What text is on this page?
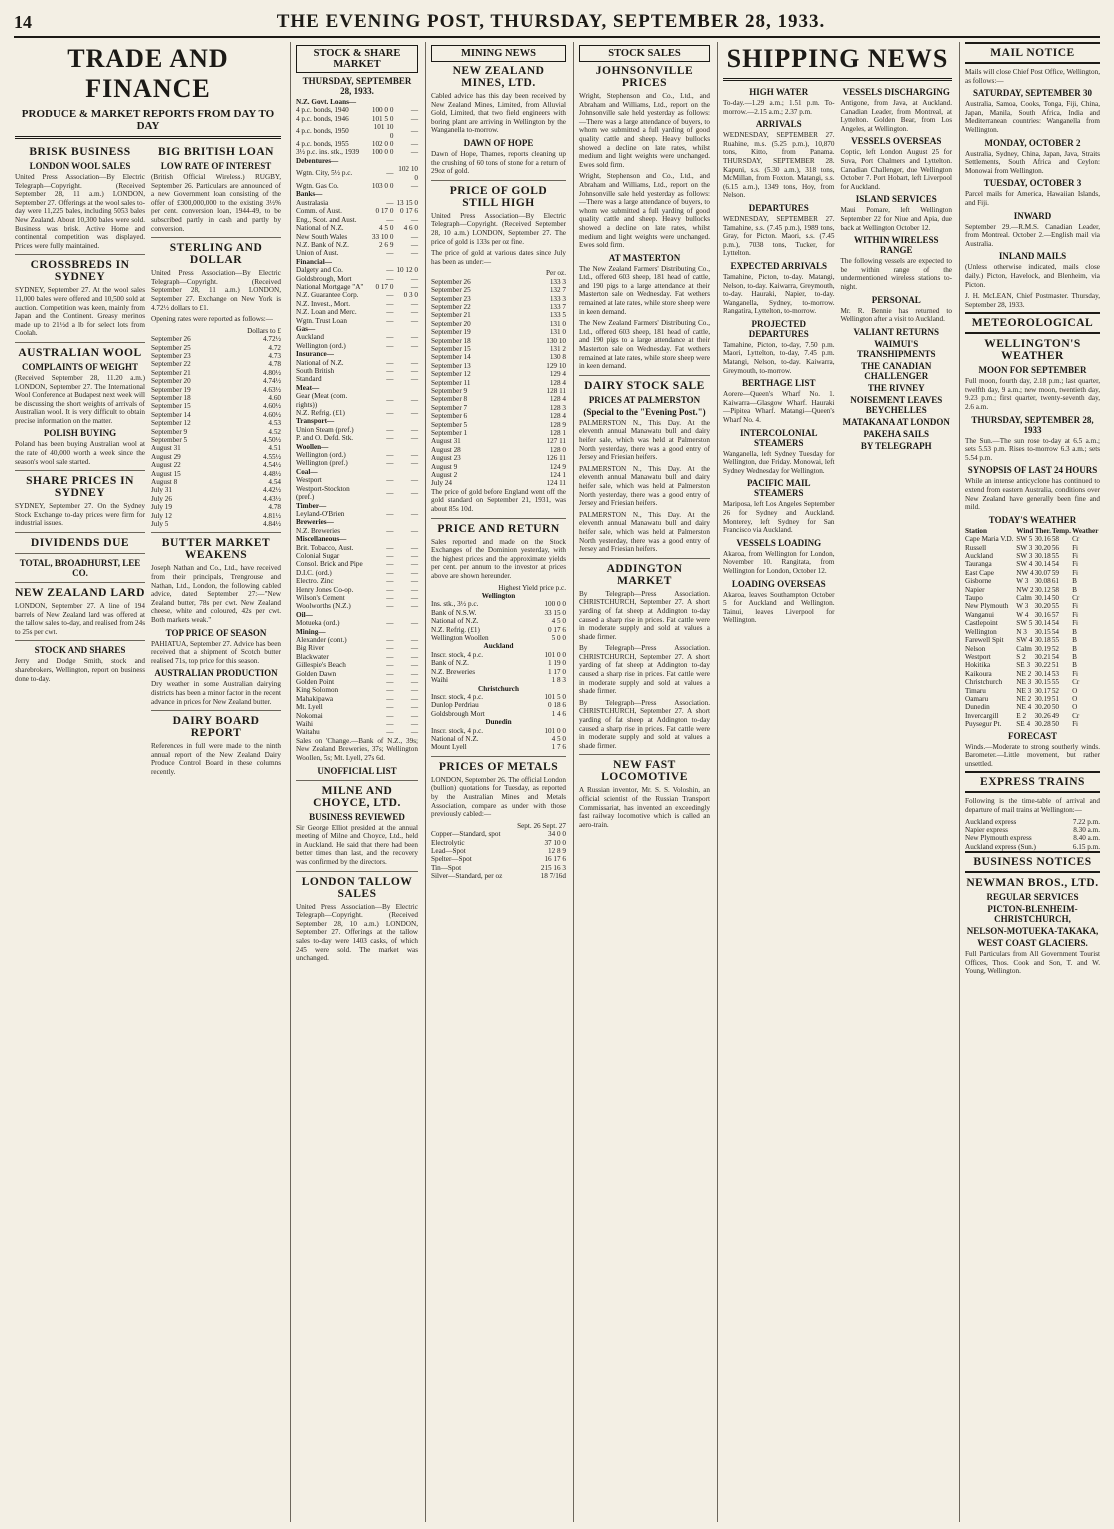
14	THE EVENING POST, THURSDAY, SEPTEMBER 28, 1933.
TRADE AND FINANCE
PRODUCE & MARKET REPORTS FROM DAY TO DAY
BRISK BUSINESS
LONDON WOOL SALES

United Press Association—By Electric Telegraph—Copyright. (Received September 28, 11 a.m.) LONDON, September 27. Offerings at the wool sales to-day were 11,225 bales, including 5053 bales New Zealand. About 10,300 bales were sold. Business was brisk. Active Home and continental competition was displayed. Prices were fully maintained.

CROSSBREDS IN SYDNEY

SYDNEY, September 27. At the wool sales 11,000 bales were offered and 10,500 sold at auction. Competition was keen, mainly from Japan and the Continent. Greasy merinos made up to 21½d a lb for select lots from Coolah.

AUSTRALIAN WOOL
COMPLAINTS OF WEIGHT

(Received September 28, 11.20 a.m.) LONDON, September 27. The International Wool Conference at Budapest next week will be discussing the short weights of arrivals of Australian wool. It is very difficult to obtain precise information on the matter.

POLISH BUYING

Poland has been buying Australian wool at the rate of 40,000 worth a week since the season's wool sale started.

SHARE PRICES IN SYDNEY

SYDNEY, September 27. On the Sydney Stock Exchange to-day prices were firm for industrial issues.

DIVIDENDS DUE
TOTAL, BROADHURST, LEE CO.
NEW ZEALAND LARD

LONDON, September 27. A line of 194 barrels of New Zealand lard was offered at the tallow sales to-day, and realised from 24s to 25s per cwt.

STOCK AND SHARES

Jerry and Dodge Smith, stock and sharebrokers, Wellington, report on business done to-day.

BIG BRITISH LOAN
LOW RATE OF INTEREST

(British Official Wireless.) RUGBY, September 26. Particulars are announced of a new Government loan consisting of the offer of £300,000,000 to the existing 3½% per cent. conversion loan, 1944-49, to be subscribed partly in cash and partly by conversion.

STERLING AND DOLLAR

United Press Association—By Electric Telegraph—Copyright. (Received September 28, 11 a.m.) LONDON, September 27. Exchange on New York is 4.72½ dollars to £1.

Opening rates were reported as follows:—

	Dollars to £
September 26	4.72½
September 25	4.72
September 23	4.73
September 22	4.78
September 21	4.80½
September 20	4.74½
September 19	4.63½
September 18	4.60
September 15	4.60½
September 14	4.60½
September 12	4.53
September 9	4.52
September 5	4.50½
August 31	4.51
August 29	4.55½
August 22	4.54½
August 15	4.48½
August 8	4.54
July 31	4.42½
July 26	4.43½
July 19	4.78
July 12	4.81½
July 5	4.84½
BUTTER MARKET WEAKENS

Joseph Nathan and Co., Ltd., have received from their principals, Trengrouse and Nathan, Ltd., London, the following cabled advice, dated September 27:—"New Zealand butter, 78s per cwt. New Zealand cheese, white and coloured, 42s per cwt. Both markets weak."

TOP PRICE OF SEASON

PAHIATUA, September 27. Advice has been received that a shipment of Scotch butter realised 71s, top price for this season.

AUSTRALIAN PRODUCTION

Dry weather in some Australian dairying districts has been a minor factor in the recent advance in prices for New Zealand butter.

DAIRY BOARD REPORT

References in full were made to the ninth annual report of the New Zealand Dairy Produce Control Board in these columns recently.

STOCK & SHARE MARKET
THURSDAY, SEPTEMBER 28, 1933.
N.Z. Govt. Loans—		
4 p.c. bonds, 1940	100 0 0	—
4 p.c. bonds, 1946	101 5 0	—
4 p.c. bonds, 1950	101 10 0	—
4 p.c. bonds, 1955	102 0 0	—
3½ p.c. ins. stk., 1939	100 0 0	—
Debentures—		
Wgtn. City, 5½ p.c.	—	102 10 0
Wgtn. Gas Co.	103 0 0	—
Banks—		
Australasia	—	13 15 0
Comm. of Aust.	0 17 0	0 17 6
Eng., Scot. and Aust.	—	—
National of N.Z.	4 5 0	4 6 0
New South Wales	33 10 0	—
N.Z. Bank of N.Z.	2 6 9	—
Union of Aust.	—	—
Financial—		
Dalgety and Co.	—	10 12 0
Goldsbrough, Mort	—	—
National Mortgage "A"	0 17 0	—
N.Z. Guarantee Corp.	—	0 3 0
N.Z. Invest., Mort.	—	—
N.Z. Loan and Merc.	—	—
Wgtn. Trust Loan	—	—
Gas—		
Auckland	—	—
Wellington (ord.)	—	—
Insurance—		
National of N.Z.	—	—
South British	—	—
Standard	—	—
Meat—		
Gear (Meat (com. rights))	—	—
N.Z. Refrig. (£1)	—	—
Transport—		
Union Steam (pref.)	—	—
P. and O. Defd. Stk.	—	—
Woollen—		
Wellington (ord.)	—	—
Wellington (pref.)	—	—
Coal—		
Westport	—	—
Westport-Stockton (pref.)	—	—
Timber—		
Leyland-O'Brien	—	—
Breweries—		
N.Z. Breweries	—	—
Miscellaneous—		
Brit. Tobacco, Aust.	—	—
Colonial Sugar	—	—
Consol. Brick and Pipe	—	—
D.I.C. (ord.)	—	—
Electro. Zinc	—	—
Henry Jones Co-op.	—	—
Wilson's Cement	—	—
Woolworths (N.Z.)	—	—
Oil—		
Motueka (ord.)	—	—
Mining—		
Alexander (cont.)	—	—
Big River	—	—
Blackwater	—	—
Gillespie's Beach	—	—
Golden Dawn	—	—
Golden Point	—	—
King Solomon	—	—
Mahakipawa	—	—
Mt. Lyell	—	—
Nokomai	—	—
Waihi	—	—
Waitahu	—	—

Sales on 'Change.—Bank of N.Z., 39s; New Zealand Breweries, 37s; Wellington Woollen, 5s; Mt. Lyell, 27s 6d.

UNOFFICIAL LIST
MILNE AND CHOYCE, LTD.
BUSINESS REVIEWED

Sir George Elliot presided at the annual meeting of Milne and Choyce, Ltd., held in Auckland. He said that there had been better times than last, and the recovery was confirmed by the directors.

LONDON TALLOW SALES

United Press Association—By Electric Telegraph—Copyright. (Received September 28, 10 a.m.) LONDON, September 27. Offerings at the tallow sales to-day were 1403 casks, of which 245 were sold. The market was unchanged.

MINING NEWS
NEW ZEALAND MINES, LTD.

Cabled advice has this day been received by New Zealand Mines, Limited, from Alluvial Gold, Limited, that two field engineers with boring plant are arriving in Wellington by the Wanganella to-morrow.

DAWN OF HOPE

Dawn of Hope, Thames, reports cleaning up the crushing of 60 tons of stone for a return of 29oz of gold.

PRICE OF GOLD STILL HIGH

United Press Association—By Electric Telegraph—Copyright. (Received September 28, 10 a.m.) LONDON, September 27. The price of gold is 133s per oz fine.

The price of gold at various dates since July has been as under:—

	Per oz.
September 26	133 3
September 25	132 7
September 23	133 3
September 22	133 7
September 21	133 5
September 20	131 0
September 19	131 0
September 18	130 10
September 15	131 2
September 14	130 8
September 13	129 10
September 12	129 4
September 11	128 4
September 9	128 11
September 8	128 4
September 7	128 3
September 6	128 4
September 5	128 9
September 1	128 1
August 31	127 11
August 28	128 0
August 23	126 11
August 9	124 9
August 2	124 1
July 24	124 11

The price of gold before England went off the gold standard on September 21, 1931, was about 85s 10d.

PRICE AND RETURN

Sales reported and made on the Stock Exchanges of the Dominion yesterday, with the highest prices and the approximate yields per cent. per annum to the investor at prices above are shown hereunder.

	Highest Yield price p.c.
Wellington	
Ins. stk., 3½ p.c.	100 0 0
Bank of N.S.W.	33 15 0
National of N.Z.	4 5 0
N.Z. Refrig. (£1)	0 17 6
Wellington Woollen	5 0 0
Auckland	
Inscr. stock, 4 p.c.	101 0 0
Bank of N.Z.	1 19 0
N.Z. Breweries	1 17 0
Waihi	1 8 3
Christchurch	
Inscr. stock, 4 p.c.	101 5 0
Dunlop Perdriau	0 18 6
Goldsbrough Mort	1 4 6
Dunedin	
Inscr. stock, 4 p.c.	101 0 0
National of N.Z.	4 5 0
Mount Lyell	1 7 6
PRICES OF METALS

LONDON, September 26. The official London (bullion) quotations for Tuesday, as reported by the Australian Mines and Metals Association, compare as under with those previously cabled:—

	Sept. 26 Sept. 27
Copper—Standard, spot	34 0 0
Electrolytic	37 10 0
Lead—Spot	12 8 9
Spelter—Spot	16 17 6
Tin—Spot	215 16 3
Silver—Standard, per oz	18 7/16d
STOCK SALES
JOHNSONVILLE PRICES

Wright, Stephenson and Co., Ltd., and Abraham and Williams, Ltd., report on the Johnsonville sale held yesterday as follows:—There was a large attendance of buyers, to whom we submitted a full yarding of good quality cattle and sheep. Heavy bullocks showed a decline on late rates, whilst medium and light weights were unchanged. Ewes sold firm.

Wright, Stephenson and Co., Ltd., and Abraham and Williams, Ltd., report on the Johnsonville sale held yesterday as follows:—There was a large attendance of buyers, to whom we submitted a full yarding of good quality cattle and sheep. Heavy bullocks showed a decline on late rates, whilst medium and light weights were unchanged. Ewes sold firm.

AT MASTERTON

The New Zealand Farmers' Distributing Co., Ltd., offered 603 sheep, 181 head of cattle, and 190 pigs to a large attendance at their Masterton sale on Wednesday. Fat wethers remained at late rates, while store sheep were in keen demand.

The New Zealand Farmers' Distributing Co., Ltd., offered 603 sheep, 181 head of cattle, and 190 pigs to a large attendance at their Masterton sale on Wednesday. Fat wethers remained at late rates, while store sheep were in keen demand.

DAIRY STOCK SALE
PRICES AT PALMERSTON
(Special to the "Evening Post.")

PALMERSTON N., This Day. At the eleventh annual Manawatu bull and dairy heifer sale, which was held at Palmerston North yesterday, there was a good entry of Jersey and Friesian heifers.

PALMERSTON N., This Day. At the eleventh annual Manawatu bull and dairy heifer sale, which was held at Palmerston North yesterday, there was a good entry of Jersey and Friesian heifers.

PALMERSTON N., This Day. At the eleventh annual Manawatu bull and dairy heifer sale, which was held at Palmerston North yesterday, there was a good entry of Jersey and Friesian heifers.

ADDINGTON MARKET

By Telegraph—Press Association. CHRISTCHURCH, September 27. A short yarding of fat sheep at Addington to-day caused a sharp rise in prices. Fat cattle were in moderate supply and sold at values a shade firmer.

By Telegraph—Press Association. CHRISTCHURCH, September 27. A short yarding of fat sheep at Addington to-day caused a sharp rise in prices. Fat cattle were in moderate supply and sold at values a shade firmer.

By Telegraph—Press Association. CHRISTCHURCH, September 27. A short yarding of fat sheep at Addington to-day caused a sharp rise in prices. Fat cattle were in moderate supply and sold at values a shade firmer.

NEW FAST LOCOMOTIVE

A Russian inventor, Mr. S. S. Voloshin, an official scientist of the Russian Transport Commissariat, has invented an exceedingly fast railway locomotive which is called an aero-train.

SHIPPING NEWS
HIGH WATER

To-day.—1.29 a.m.; 1.51 p.m. To-morrow.—2.15 a.m.; 2.37 p.m.

ARRIVALS

WEDNESDAY, SEPTEMBER 27. Ruahine, m.s. (5.25 p.m.), 10,870 tons, Kitto, from Panama. THURSDAY, SEPTEMBER 28. Kapuni, s.s. (5.30 a.m.), 318 tons, McMillan, from Foxton. Matangi, s.s. (6.15 a.m.), 1349 tons, Hoy, from Nelson.

DEPARTURES

WEDNESDAY, SEPTEMBER 27. Tamahine, s.s. (7.45 p.m.), 1989 tons, Gray, for Picton. Maori, s.s. (7.45 p.m.), 7038 tons, Tucker, for Lyttelton.

EXPECTED ARRIVALS

Tamahine, Picton, to-day. Matangi, Nelson, to-day. Kaiwarra, Greymouth, to-day. Hauraki, Napier, to-day. Wanganella, Sydney, to-morrow. Rangatira, Lyttelton, to-morrow.

PROJECTED DEPARTURES

Tamahine, Picton, to-day, 7.50 p.m. Maori, Lyttelton, to-day, 7.45 p.m. Matangi, Nelson, to-day. Kaiwarra, Greymouth, to-morrow.

BERTHAGE LIST

Aorere—Queen's Wharf No. 1. Kaiwarra—Glasgow Wharf. Hauraki—Pipitea Wharf. Matangi—Queen's Wharf No. 4.

INTERCOLONIAL STEAMERS

Wanganella, left Sydney Tuesday for Wellington, due Friday. Monowai, left Sydney Wednesday for Wellington.

PACIFIC MAIL STEAMERS

Mariposa, left Los Angeles September 26 for Sydney and Auckland. Monterey, left Sydney for San Francisco via Auckland.

VESSELS LOADING

Akaroa, from Wellington for London, November 10. Rangitata, from Wellington for London, October 12.

LOADING OVERSEAS

Akaroa, leaves Southampton October 5 for Auckland and Wellington. Tainui, leaves Liverpool for Wellington.

VESSELS DISCHARGING

Antigone, from Java, at Auckland. Canadian Leader, from Montreal, at Lyttelton. Golden Bear, from Los Angeles, at Wellington.

VESSELS OVERSEAS

Coptic, left London August 25 for Suva, Port Chalmers and Lyttelton. Canadian Challenger, due Wellington October 7. Port Hobart, left Liverpool for Auckland.

ISLAND SERVICES

Maui Pomare, left Wellington September 22 for Niue and Apia, due back at Wellington October 12.

WITHIN WIRELESS RANGE

The following vessels are expected to be within range of the undermentioned wireless stations to-night.

PERSONAL

Mr. R. Bennie has returned to Wellington after a visit to Auckland.

VALIANT RETURNS
WAIMUI'S TRANSHIPMENTS
THE CANADIAN CHALLENGER
THE RIVNEY
NOISEMENT LEAVES BEYCHELLES
MATAKANA AT LONDON
PAKEHA SAILS
BY TELEGRAPH
MAIL NOTICE

Mails will close Chief Post Office, Wellington, as follows:—

SATURDAY, SEPTEMBER 30

Australia, Samoa, Cooks, Tonga, Fiji, China, Japan, Manila, South Africa, India and Mediterranean countries: Wanganella from Wellington.

MONDAY, OCTOBER 2

Australia, Sydney, China, Japan, Java, Straits Settlements, South Africa and Ceylon: Monowai from Wellington.

TUESDAY, OCTOBER 3

Parcel mails for America, Hawaiian Islands, and Fiji.

INWARD

September 29.—R.M.S. Canadian Leader, from Montreal. October 2.—English mail via Australia.

INLAND MAILS

(Unless otherwise indicated, mails close daily.) Picton, Havelock, and Blenheim, via Picton.

J. H. McLEAN, Chief Postmaster. Thursday, September 28, 1933.

METEOROLOGICAL
WELLINGTON'S WEATHER
MOON FOR SEPTEMBER

Full moon, fourth day, 2.18 p.m.; last quarter, twelfth day, 9 a.m.; new moon, twentieth day, 9.23 p.m.; first quarter, twenty-seventh day, 2.6 a.m.

THURSDAY, SEPTEMBER 28, 1933

The Sun.—The sun rose to-day at 6.5 a.m.; sets 5.53 p.m. Rises to-morrow 6.3 a.m.; sets 5.54 p.m.

SYNOPSIS OF LAST 24 HOURS

While an intense anticyclone has continued to extend from eastern Australia, conditions over New Zealand have generally been fine and mild.

TODAY'S WEATHER
Station	Wind	Ther.	Temp.	Weather
Cape Maria V.D.	SW 5	30.16	58	Cr
Russell	SW 3	30.20	56	Fi
Auckland	SW 3	30.18	55	Fi
Tauranga	SW 4	30.14	54	Fi
East Cape	NW 4	30.07	59	Fi
Gisborne	W 3	30.08	61	B
Napier	NW 2	30.12	58	B
Taupo	Calm	30.14	50	Cr
New Plymouth	W 3	30.20	55	Fi
Wanganui	W 4	30.16	57	Fi
Castlepoint	SW 5	30.14	54	Fi
Wellington	N 3	30.15	54	B
Farewell Spit	SW 4	30.18	55	B
Nelson	Calm	30.19	52	B
Westport	S 2	30.21	54	B
Hokitika	SE 3	30.22	51	B
Kaikoura	NE 2	30.14	53	Fi
Christchurch	NE 3	30.15	55	Cr
Timaru	NE 3	30.17	52	O
Oamaru	NE 2	30.19	51	O
Dunedin	NE 4	30.20	50	O
Invercargill	E 2	30.26	49	Cr
Puysegur Pt.	SE 4	30.28	50	Fi
FORECAST

Winds.—Moderate to strong southerly winds. Barometer.—Little movement, but rather unsettled.

EXPRESS TRAINS

Following is the time-table of arrival and departure of mail trains at Wellington:—

Auckland express	7.22 p.m.
Napier express	8.30 a.m.
New Plymouth express	8.40 a.m.
Auckland express (Sun.)	6.15 p.m.
BUSINESS NOTICES
NEWMAN BROS., LTD.
REGULAR SERVICES
PICTON-BLENHEIM-CHRISTCHURCH,
NELSON-MOTUEKA-TAKAKA,
WEST COAST GLACIERS.

Full Particulars from All Government Tourist Offices, Thos. Cook and Son, T. and W. Young, Wellington.
